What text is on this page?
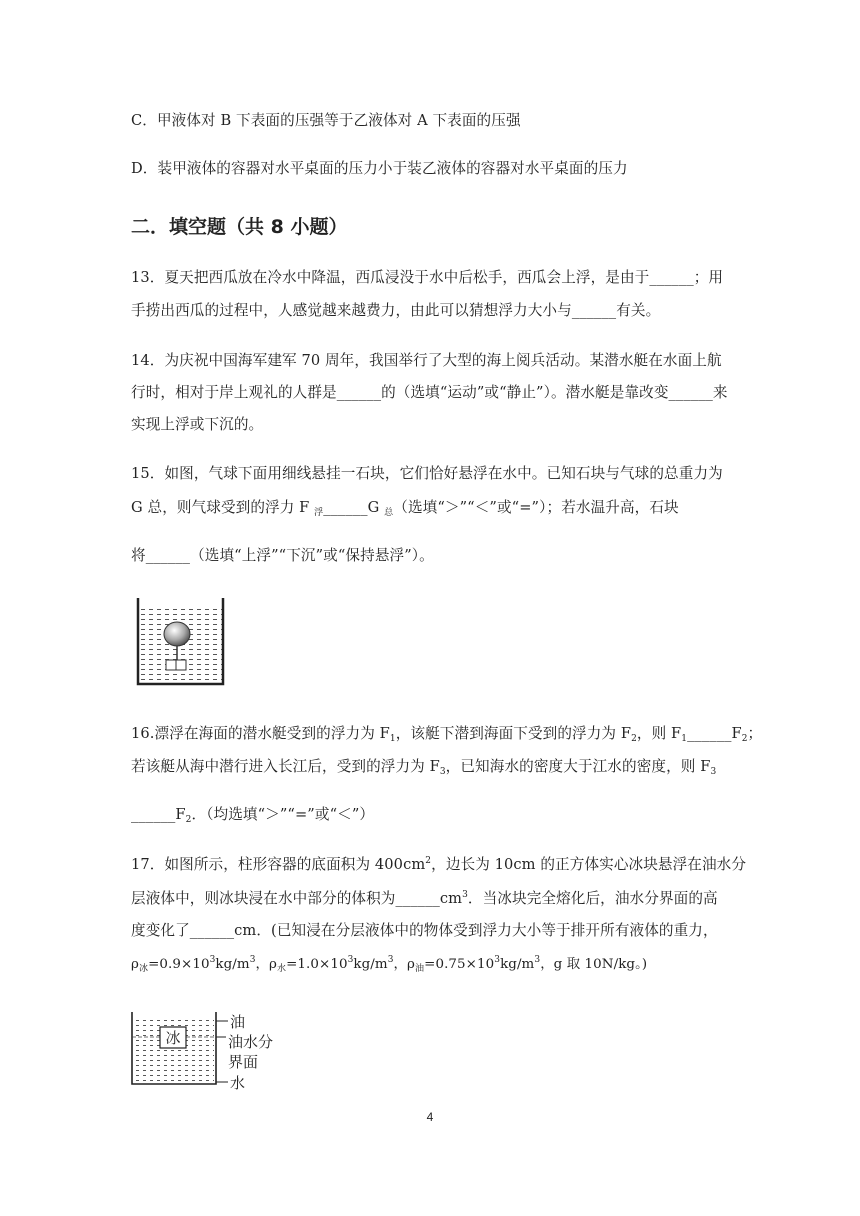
C．甲液体对 B 下表面的压强等于乙液体对 A 下表面的压强
D．装甲液体的容器对水平桌面的压力小于装乙液体的容器对水平桌面的压力
二．填空题（共 8 小题）
13．夏天把西瓜放在冷水中降温，西瓜浸没于水中后松手，西瓜会上浮，是由于______；用
手捞出西瓜的过程中，人感觉越来越费力，由此可以猜想浮力大小与______有关。
14．为庆祝中国海军建军 70 周年，我国举行了大型的海上阅兵活动。某潜水艇在水面上航
行时，相对于岸上观礼的人群是______的（选填“运动”或“静止”）。潜水艇是靠改变______来
实现上浮或下沉的。
15．如图，气球下面用细线悬挂一石块，它们恰好悬浮在水中。已知石块与气球的总重力为
G 总，则气球受到的浮力 F $_浮$______G $_总$（选填“＞”“＜”或“=”）；若水温升高，石块
将______（选填“上浮”“下沉”或“保持悬浮”）。
16.漂浮在海面的潜水艇受到的浮力为 $F_1$，该艇下潜到海面下受到的浮力为 $F_2$，则 $F_1\_\_\_\_\_\_F_2$；
若该艇从海中潜行进入长江后，受到的浮力为 $F_3$，已知海水的密度大于江水的密度，则 $F_3$
$\_\_\_\_\_\_F_2$．（均选填“＞”“=”或“＜”）
17．如图所示，柱形容器的底面积为 $400cm^2$，边长为 10cm 的正方体实心冰块悬浮在油水分
层液体中，则冰块浸在水中部分的体积为$\_\_\_\_\_\_cm^3$．当冰块完全熔化后，油水分界面的高
度变化了______cm．(已知浸在分层液体中的物体受到浮力大小等于排开所有液体的重力，
$\rho_冰=0.9\times 10^3kg/m^3$，$\rho_水=1.0\times 10^3kg/m^3$，$\rho_油=0.75\times 10^3kg/m^3$，g 取 10N/kg。)
冰
油
油水分
界面
水
4
